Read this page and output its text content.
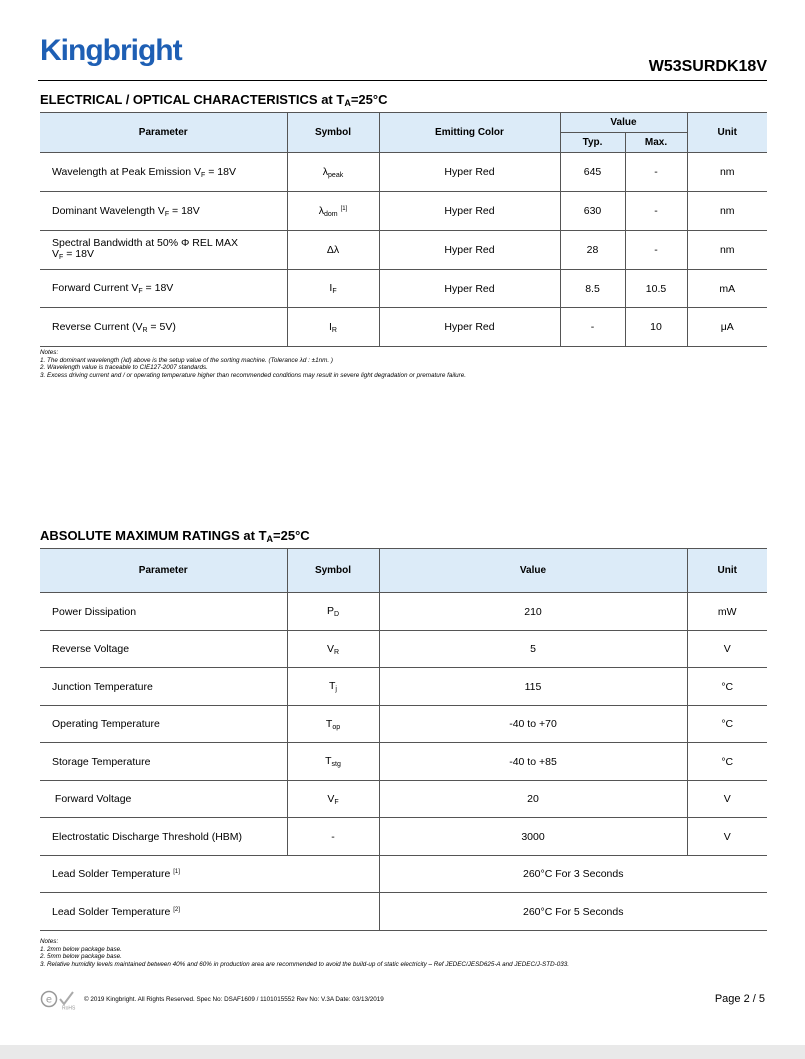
Kingbright	W53SURDK18V
ELECTRICAL / OPTICAL CHARACTERISTICS at $T_A=25^\circ C$
Parameter	Symbol	Emitting Color	Value		Unit
			Typ.	Max.	
Wavelength at Peak Emission VF = 18V	λpeak	Hyper Red	645	-	nm
Dominant Wavelength VF = 18V	λdom [1]	Hyper Red	630	-	nm
Spectral Bandwidth at 50% Φ REL MAX
VF = 18V	Δλ	Hyper Red	28	-	nm
Forward Current VF = 18V	IF	Hyper Red	8.5	10.5	mA
Reverse Current (VR = 5V)	IR	Hyper Red	-	10	μA
Notes:
1. The dominant wavelength (λd) above is the setup value of the sorting machine. (Tolerance λd : ±1nm. )
2. Wavelength value is traceable to CIE127-2007 standards.
3. Excess driving current and / or operating temperature higher than recommended conditions may result in severe light degradation or premature failure.
ABSOLUTE MAXIMUM RATINGS at $T_A=25^\circ C$
Parameter	Symbol	Value	Unit
Power Dissipation	PD	210	mW
Reverse Voltage	VR	5	V
Junction Temperature	Tj	115	°C
Operating Temperature	Top	-40 to +70	°C
Storage Temperature	Tstg	-40 to +85	°C
Forward Voltage	VF	20	V
Electrostatic Discharge Threshold (HBM)	-	3000	V
Lead Solder Temperature [1]		260°C For 3 Seconds	
Lead Solder Temperature [2]		260°C For 5 Seconds	
Notes:
1. 2mm below package base.
2. 5mm below package base.
3. Relative humidity levels maintained between 40% and 60% in production area are recommended to avoid the build-up of static electricity – Ref JEDEC/JESD625-A and JEDEC/J-STD-033.
e
RoHS
© 2019 Kingbright. All Rights Reserved. Spec No: DSAF1609 / 1101015552 Rev No: V.3A Date: 03/13/2019	Page 2 / 5
